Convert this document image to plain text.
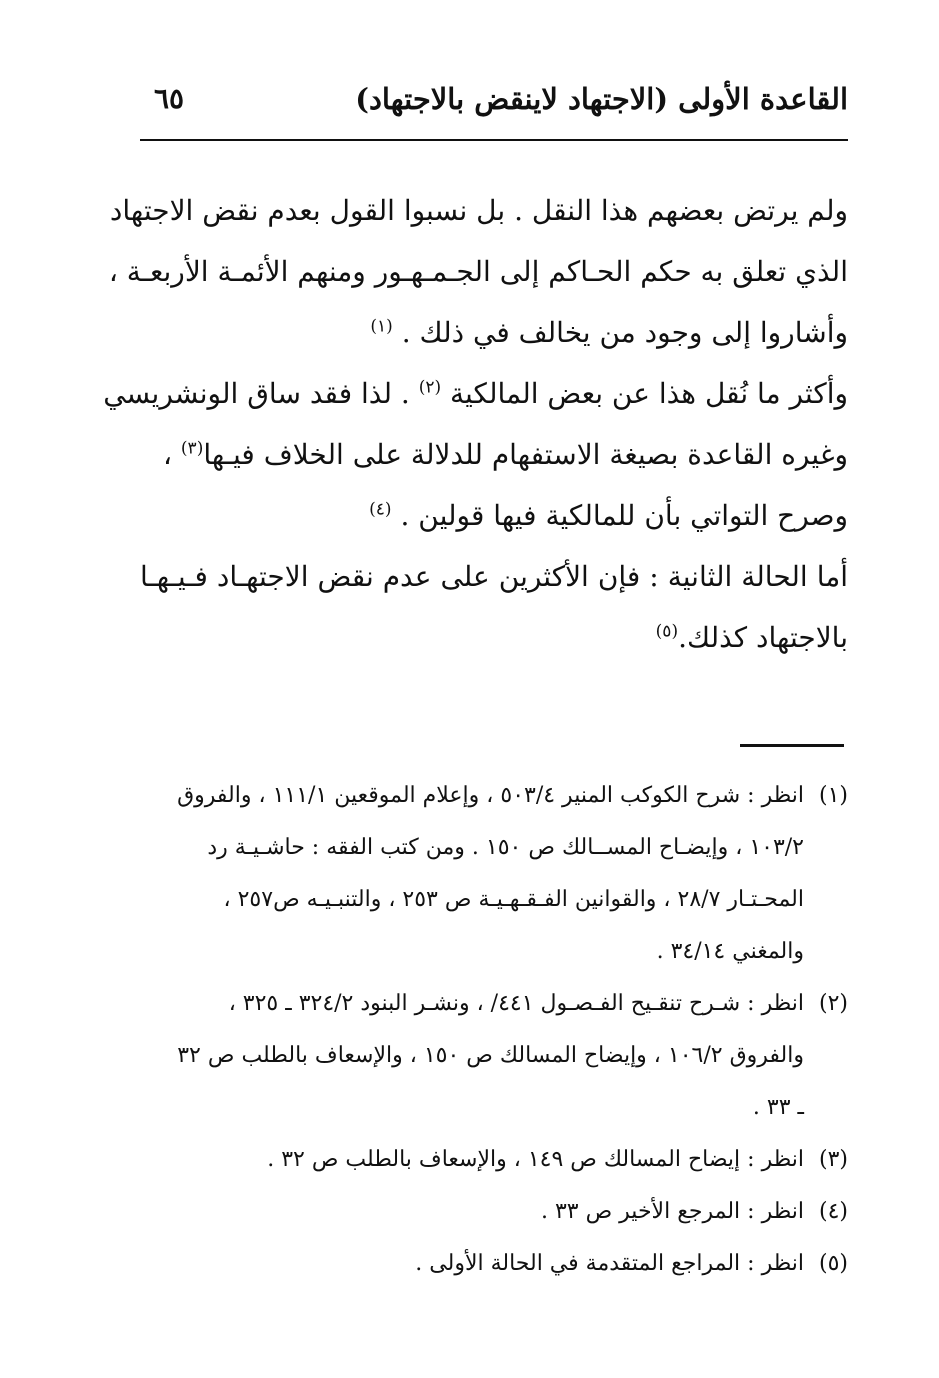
القاعدة الأولى (الاجتهاد لاينقض بالاجتهاد)
٦٥
ولم يرتض بعضهم هذا النقل . بل نسبوا القول بعدم نقض الاجتهاد
الذي تعلق به حكم الحـاكم إلى الجـمـهـور ومنهم الأئمـة الأربعـة ،
وأشاروا إلى وجود من يخالف في ذلك . $^{(١)}$
وأكثر ما نُقل هذا عن بعض المالكية $^{(٢)}$ . لذا فقد ساق الونشريسي
وغيره القاعدة بصيغة الاستفهام للدلالة على الخلاف فيـها$^{(٣)}$ ،
وصرح التواتي بأن للمالكية فيها قولين . $^{(٤)}$
أما الحالة الثانية : فإن الأكثرين على عدم نقض الاجتهـاد فـيـهـا
بالاجتهاد كذلك.$^{(٥)}$
(١)انظر : شرح الكوكب المنير ٥٠٣/٤ ، وإعلام الموقعين ١١١/١ ، والفروق
١٠٣/٢ ، وإيضـاح المســالك ص ١٥٠ . ومن كتب الفقه : حاشـيـة رد
المحـتـار ٢٨/٧ ، والقوانين الفـقـهـيـة ص ٢٥٣ ، والتنبـيـه ص٢٥٧ ،
والمغني ٣٤/١٤ .
(٢)انظر : شـرح تنقـيح الفـصـول ٤٤١/ ، ونشـر البنود ٣٢٤/٢ ـ ٣٢٥ ،
والفروق ١٠٦/٢ ، وإيضاح المسالك ص ١٥٠ ، والإسعاف بالطلب ص ٣٢
ـ ٣٣ .
(٣)انظر : إيضاح المسالك ص ١٤٩ ، والإسعاف بالطلب ص ٣٢ .
(٤)انظر : المرجع الأخير ص ٣٣ .
(٥)انظر : المراجع المتقدمة في الحالة الأولى .
